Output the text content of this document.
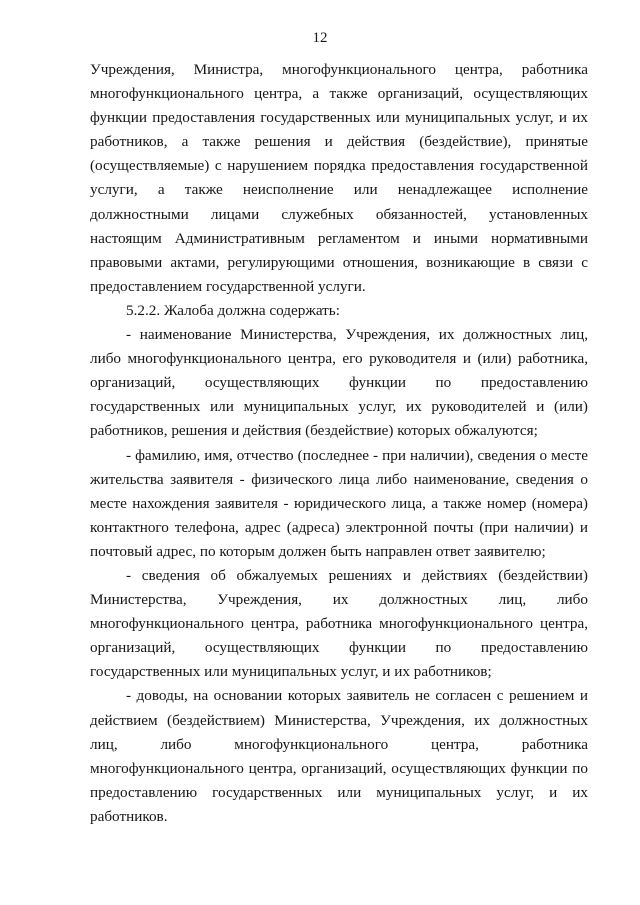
12

Учреждения, Министра, многофункционального центра, работника многофункционального центра, а также организаций, осуществляющих функции предоставления государственных или муниципальных услуг, и их работников, а также решения и действия (бездействие), принятые (осуществляемые) с нарушением порядка предоставления государственной услуги, а также неисполнение или ненадлежащее исполнение должностными лицами служебных обязанностей, установленных настоящим Административным регламентом и иными нормативными правовыми актами, регулирующими отношения, возникающие в связи с предоставлением государственной услуги.

5.2.2. Жалоба должна содержать:

- наименование Министерства, Учреждения, их должностных лиц, либо многофункционального центра, его руководителя и (или) работника, организаций, осуществляющих функции по предоставлению государственных или муниципальных услуг, их руководителей и (или) работников, решения и действия (бездействие) которых обжалуются;

- фамилию, имя, отчество (последнее - при наличии), сведения о месте жительства заявителя - физического лица либо наименование, сведения о месте нахождения заявителя - юридического лица, а также номер (номера) контактного телефона, адрес (адреса) электронной почты (при наличии) и почтовый адрес, по которым должен быть направлен ответ заявителю;

- сведения об обжалуемых решениях и действиях (бездействии) Министерства, Учреждения, их должностных лиц, либо многофункционального центра, работника многофункционального центра, организаций, осуществляющих функции по предоставлению государственных или муниципальных услуг, и их работников;

- доводы, на основании которых заявитель не согласен с решением и действием (бездействием) Министерства, Учреждения, их должностных лиц, либо многофункционального центра, работника многофункционального центра, организаций, осуществляющих функции по предоставлению государственных или муниципальных услуг, и их работников.
